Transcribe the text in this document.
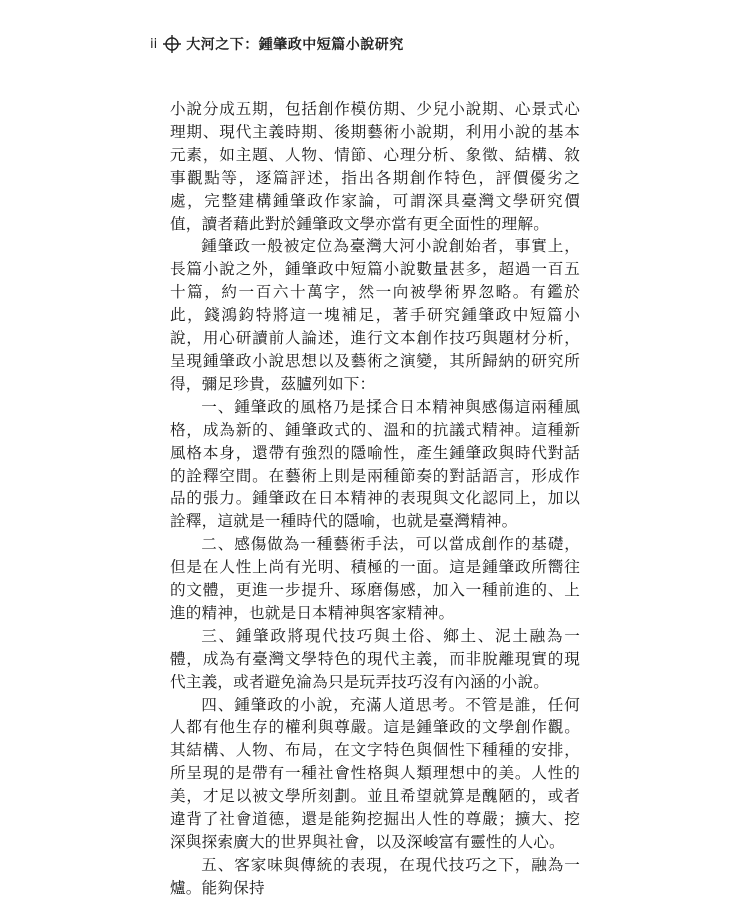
ii 大河之下：鍾肇政中短篇小說研究

小說分成五期，包括創作模仿期、少兒小說期、心景式心理期、現代主義時期、後期藝術小說期，利用小說的基本元素，如主題、人物、情節、心理分析、象徵、結構、敘事觀點等，逐篇評述，指出各期創作特色，評價優劣之處，完整建構鍾肇政作家論，可謂深具臺灣文學研究價值，讀者藉此對於鍾肇政文學亦當有更全面性的理解。

鍾肇政一般被定位為臺灣大河小說創始者，事實上，長篇小說之外，鍾肇政中短篇小說數量甚多，超過一百五十篇，約一百六十萬字，然一向被學術界忽略。有鑑於此，錢鴻鈞特將這一塊補足，著手研究鍾肇政中短篇小說，用心研讀前人論述，進行文本創作技巧與題材分析，呈現鍾肇政小說思想以及藝術之演變，其所歸納的研究所得，彌足珍貴，茲臚列如下：

一、鍾肇政的風格乃是揉合日本精神與感傷這兩種風格，成為新的、鍾肇政式的、溫和的抗議式精神。這種新風格本身，還帶有強烈的隱喻性，產生鍾肇政與時代對話的詮釋空間。在藝術上則是兩種節奏的對話語言，形成作品的張力。鍾肇政在日本精神的表現與文化認同上，加以詮釋，這就是一種時代的隱喻，也就是臺灣精神。

二、感傷做為一種藝術手法，可以當成創作的基礎，但是在人性上尚有光明、積極的一面。這是鍾肇政所嚮往的文體，更進一步提升、琢磨傷感，加入一種前進的、上進的精神，也就是日本精神與客家精神。

三、鍾肇政將現代技巧與土俗、鄉土、泥土融為一體，成為有臺灣文學特色的現代主義，而非脫離現實的現代主義，或者避免淪為只是玩弄技巧沒有內涵的小說。

四、鍾肇政的小說，充滿人道思考。不管是誰，任何人都有他生存的權利與尊嚴。這是鍾肇政的文學創作觀。其結構、人物、布局，在文字特色與個性下種種的安排，所呈現的是帶有一種社會性格與人類理想中的美。人性的美，才足以被文學所刻劃。並且希望就算是醜陋的，或者違背了社會道德，還是能夠挖掘出人性的尊嚴；擴大、挖深與探索廣大的世界與社會，以及深峻富有靈性的人心。

五、客家味與傳統的表現，在現代技巧之下，融為一爐。能夠保持
